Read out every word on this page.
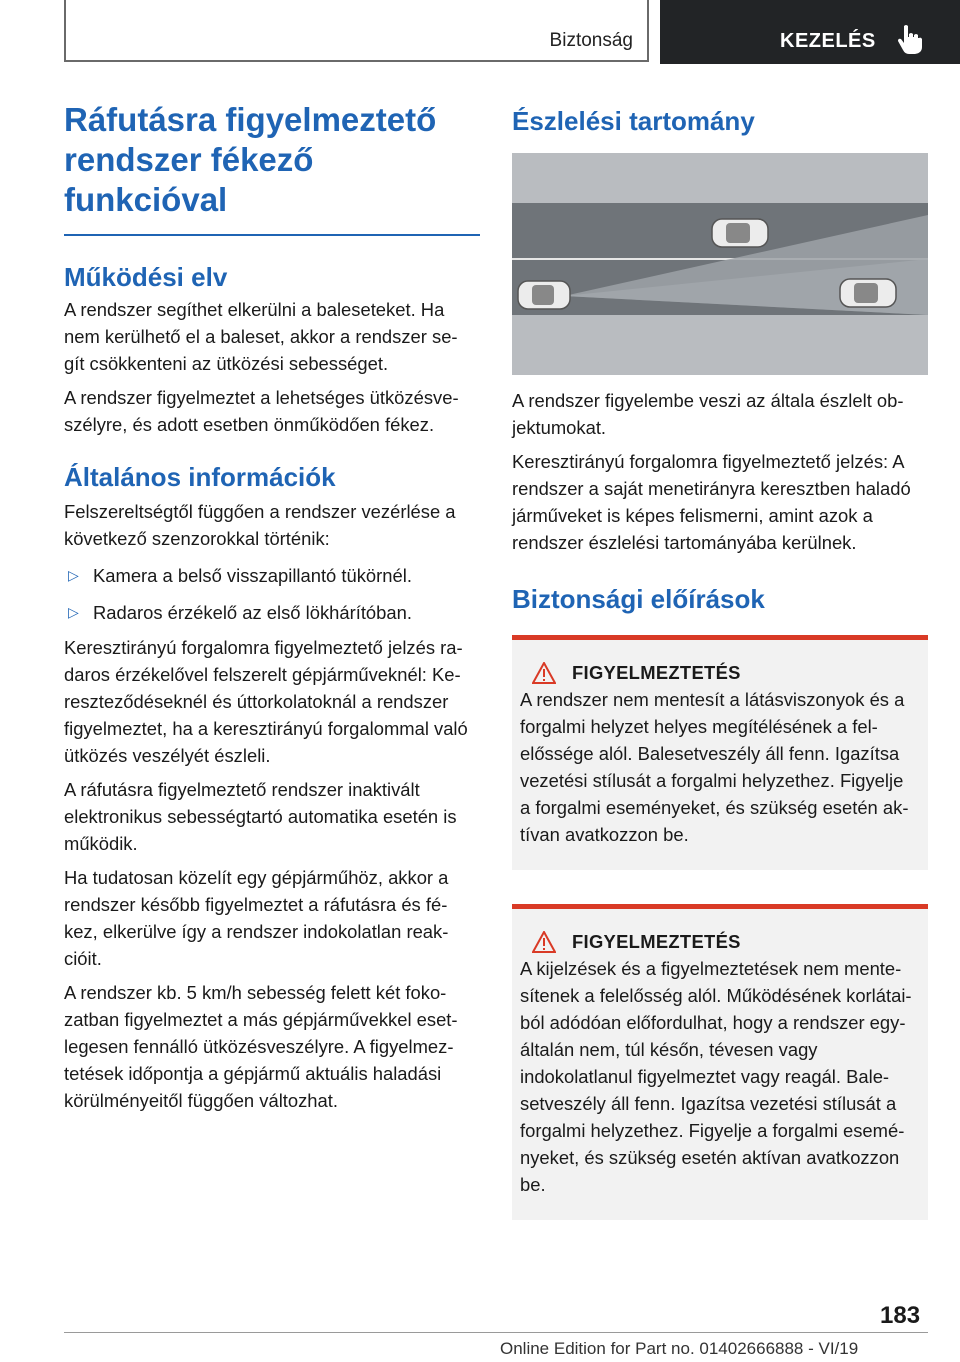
Biztonság	KEZELÉS
Ráfutásra figyelmeztető
rendszer fékező funkcióval
Működési elv

A rendszer segíthet elkerülni a baleseteket. Ha
nem kerülhető el a baleset, akkor a rendszer se‐
gít csökkenteni az ütközési sebességet.

A rendszer figyelmeztet a lehetséges ütközésve‐
szélyre, és adott esetben önműködően fékez.

Általános információk

Felszereltségtől függően a rendszer vezérlése a
következő szenzorokkal történik:

▷ Kamera a belső visszapillantó tükörnél.
▷ Radaros érzékelő az első lökhárítóban.

Keresztirányú forgalomra figyelmeztető jelzés ra‐
daros érzékelővel felszerelt gépjárműveknél: Ke‐
reszteződéseknél és úttorkolatoknál a rendszer
figyelmeztet, ha a keresztirányú forgalommal való
ütközés veszélyét észleli.

A ráfutásra figyelmeztető rendszer inaktivált
elektronikus sebességtartó automatika esetén is
működik.

Ha tudatosan közelít egy gépjárműhöz, akkor a
rendszer később figyelmeztet a ráfutásra és fé‐
kez, elkerülve így a rendszer indokolatlan reak‐
cióit.

A rendszer kb. 5 km/h sebesség felett két foko‐
zatban figyelmeztet a más gépjárművekkel eset‐
legesen fennálló ütközésveszélyre. A figyelmez‐
tetések időpontja a gépjármű aktuális haladási
körülményeitől függően változhat.

Észlelési tartomány

A rendszer figyelembe veszi az általa észlelt ob‐
jektumokat.

Keresztirányú forgalomra figyelmeztető jelzés: A
rendszer a saját menetirányra keresztben haladó
járműveket is képes felismerni, amint azok a
rendszer észlelési tartományába kerülnek.

Biztonsági előírások
FIGYELMEZTETÉS

A rendszer nem mentesít a látásviszonyok és a
forgalmi helyzet helyes megítélésének a fel‐
előssége alól. Balesetveszély áll fenn. Igazítsa
vezetési stílusát a forgalmi helyzethez. Figyelje
a forgalmi eseményeket, és szükség esetén ak‐
tívan avatkozzon be.

FIGYELMEZTETÉS

A kijelzések és a figyelmeztetések nem mente‐
sítenek a felelősség alól. Működésének korlátai‐
ból adódóan előfordulhat, hogy a rendszer egy‐
általán nem, túl későn, tévesen vagy
indokolatlanul figyelmeztet vagy reagál. Bale‐
setveszély áll fenn. Igazítsa vezetési stílusát a
forgalmi helyzethez. Figyelje a forgalmi esemé‐
nyeket, és szükség esetén aktívan avatkozzon
be.

183
Online Edition for Part no. 01402666888 - VI/19
